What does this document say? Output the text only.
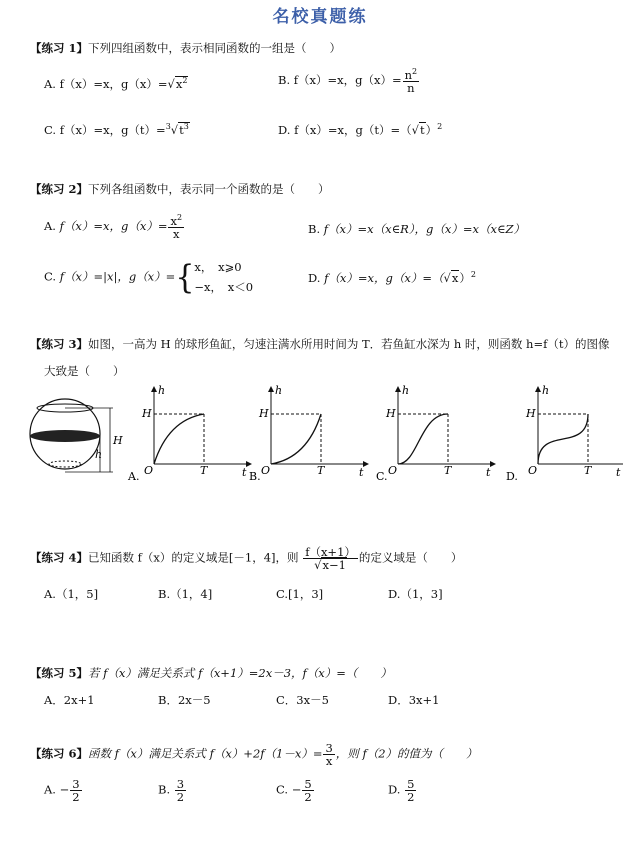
名校真题练
【练习 1】下列四组函数中，表示相同函数的一组是（　　）
A. f（x）=x，$g(x)=√x^2$	B. f（x）=x，$g(x)= \frac{n^2}{n}$
C. f（x）=x，$g(t)=^3√t^3$	D. f（x）=x，$g(t)=(√t)^2$
【练习 2】下列各组函数中，表示同一个函数的是（　　）
A. f（x）=x，$g(x)= \frac{x^2}{x}$	B. f（x）=x（x∈R），g（x）=x（x∈Z）
C. f（x）=|x|，g（x）={ x，　x⩾0
−x，　x＜0
D. f（x）=x，$g(x)=(√x)^2$
【练习 3】如图，一高为 H 的球形鱼缸，匀速注满水所用时间为 T．若鱼缸水深为 h 时，则函数 h=f（t）的图像
大致是（　　）
H
h
h
H
O	T	t
A.
h
H
O	T	t
B.
h
H
O	T	t
C.
h
H
O	T t
D.
【练习 4】已知函数 f（x）的定义域是[－1，4]，则 $\frac{f(x+1)}{√x-1}$ 的定义域是（　　）
A.（1，5]	B.（1，4]	C.[1，3]	D.（1，3]
【练习 5】若 f（x）满足关系式 f（x+1）=2x－3，f（x）=（　　）
A．2x+1	B．2x－5	C．3x－5	D．3x+1
【练习 6】函数 f（x）满足关系式 $f(x)+2f(1-x)= \frac{3}{x}$ ，则 f（2）的值为（　　）
A. − $\frac{3}{2}$	B. $\frac{3}{2}$	C. − $\frac{5}{2}$	D. $\frac{5}{2}$
